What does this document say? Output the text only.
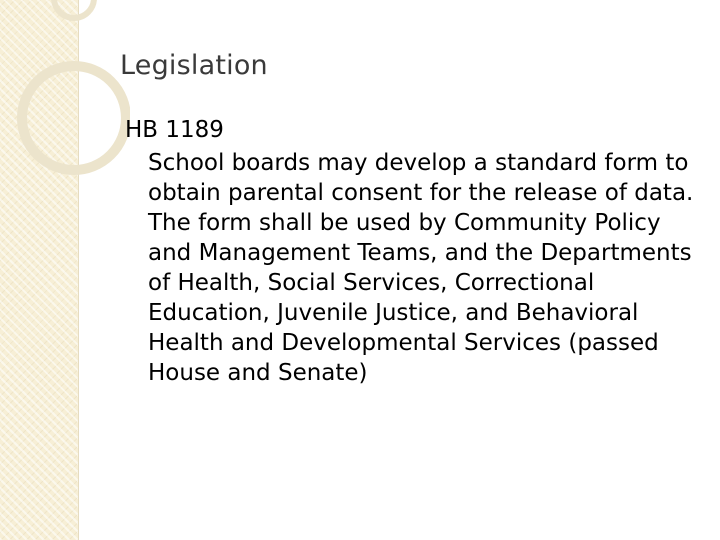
Legislation

HB 1189

School boards may develop a standard form to obtain parental consent for the release of data. The form shall be used by Community Policy and Management Teams, and the Departments of Health, Social Services, Correctional Education, Juvenile Justice, and Behavioral Health and Developmental Services (passed House and Senate)
